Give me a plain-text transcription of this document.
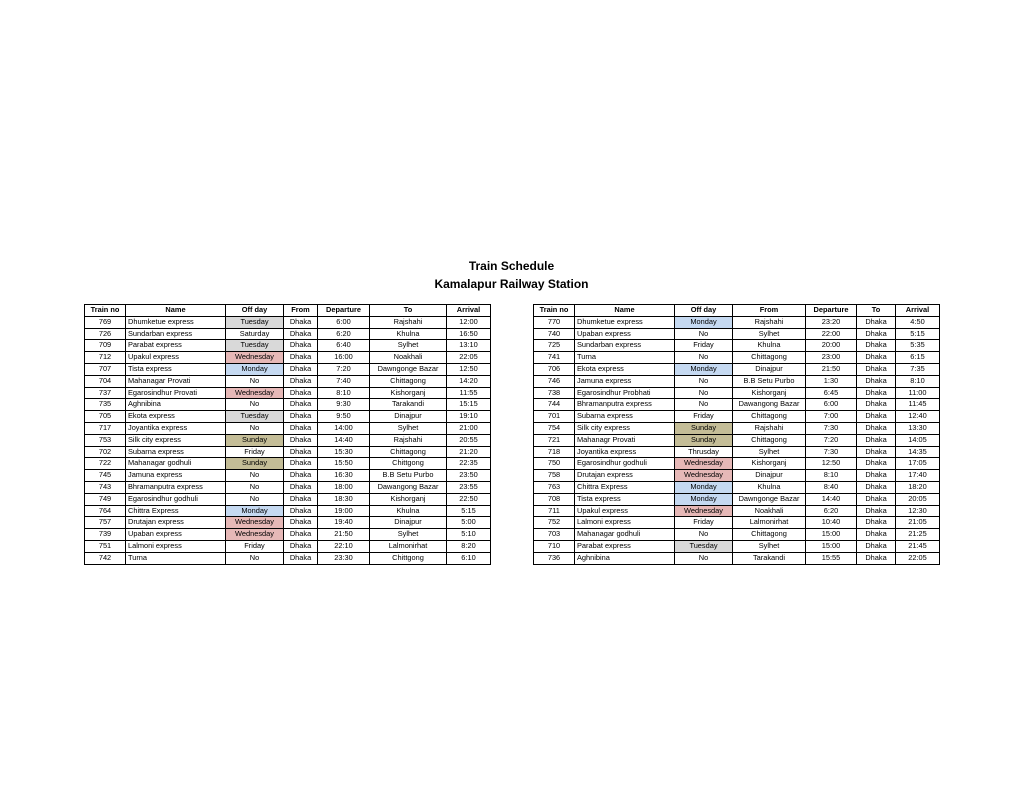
Train Schedule
Kamalapur Railway Station
Train no	Name	Off day	From	Departure	To	Arrival
769	Dhumketue express	Tuesday	Dhaka	6:00	Rajshahi	12:00
726	Sundarban express	Saturday	Dhaka	6:20	Khulna	16:50
709	Parabat express	Tuesday	Dhaka	6:40	Sylhet	13:10
712	Upakul express	Wednesday	Dhaka	16:00	Noakhali	22:05
707	Tista express	Monday	Dhaka	7:20	Dawngonge Bazar	12:50
704	Mahanagar Provati	No	Dhaka	7:40	Chittagong	14:20
737	Egarosindhur Provati	Wednesday	Dhaka	8:10	Kishorganj	11:55
735	Aghnibina	No	Dhaka	9:30	Tarakandi	15:15
705	Ekota express	Tuesday	Dhaka	9:50	Dinajpur	19:10
717	Joyantika express	No	Dhaka	14:00	Sylhet	21:00
753	Silk city express	Sunday	Dhaka	14:40	Rajshahi	20:55
702	Subarna express	Friday	Dhaka	15:30	Chittagong	21:20
722	Mahanagar godhuli	Sunday	Dhaka	15:50	Chittgong	22:35
745	Jamuna express	No	Dhaka	16:30	B.B Setu Purbo	23:50
743	Bhramanputra express	No	Dhaka	18:00	Dawangong Bazar	23:55
749	Egarosindhur godhuli	No	Dhaka	18:30	Kishorganj	22:50
764	Chittra Express	Monday	Dhaka	19:00	Khulna	5:15
757	Drutajan express	Wednesday	Dhaka	19:40	Dinajpur	5:00
739	Upaban express	Wednesday	Dhaka	21:50	Sylhet	5:10
751	Lalmoni express	Friday	Dhaka	22:10	Lalmonirhat	8:20
742	Turna	No	Dhaka	23:30	Chittgong	6:10
Train no	Name	Off day	From	Departure	To	Arrival
770	Dhumketue express	Monday	Rajshahi	23:20	Dhaka	4:50
740	Upaban express	No	Sylhet	22:00	Dhaka	5:15
725	Sundarban express	Friday	Khulna	20:00	Dhaka	5:35
741	Turna	No	Chittagong	23:00	Dhaka	6:15
706	Ekota express	Monday	Dinajpur	21:50	Dhaka	7:35
746	Jamuna express	No	B.B Setu Purbo	1:30	Dhaka	8:10
738	Egarosindhur Probhati	No	Kishorganj	6:45	Dhaka	11:00
744	Bhramanputra express	No	Dawangong Bazar	6:00	Dhaka	11:45
701	Subarna express	Friday	Chittagong	7:00	Dhaka	12:40
754	Silk city express	Sunday	Rajshahi	7:30	Dhaka	13:30
721	Mahanagr Provati	Sunday	Chittagong	7:20	Dhaka	14:05
718	Joyantika express	Thrusday	Sylhet	7:30	Dhaka	14:35
750	Egarosindhur godhuli	Wednesday	Kishorganj	12:50	Dhaka	17:05
758	Drutajan express	Wednesday	Dinajpur	8:10	Dhaka	17:40
763	Chittra Express	Monday	Khulna	8:40	Dhaka	18:20
708	Tista express	Monday	Dawngonge Bazar	14:40	Dhaka	20:05
711	Upakul express	Wednesday	Noakhali	6:20	Dhaka	12:30
752	Lalmoni express	Friday	Lalmonirhat	10:40	Dhaka	21:05
703	Mahanagar godhuli	No	Chittagong	15:00	Dhaka	21:25
710	Parabat express	Tuesday	Sylhet	15:00	Dhaka	21:45
736	Aghnibina	No	Tarakandi	15:55	Dhaka	22:05
